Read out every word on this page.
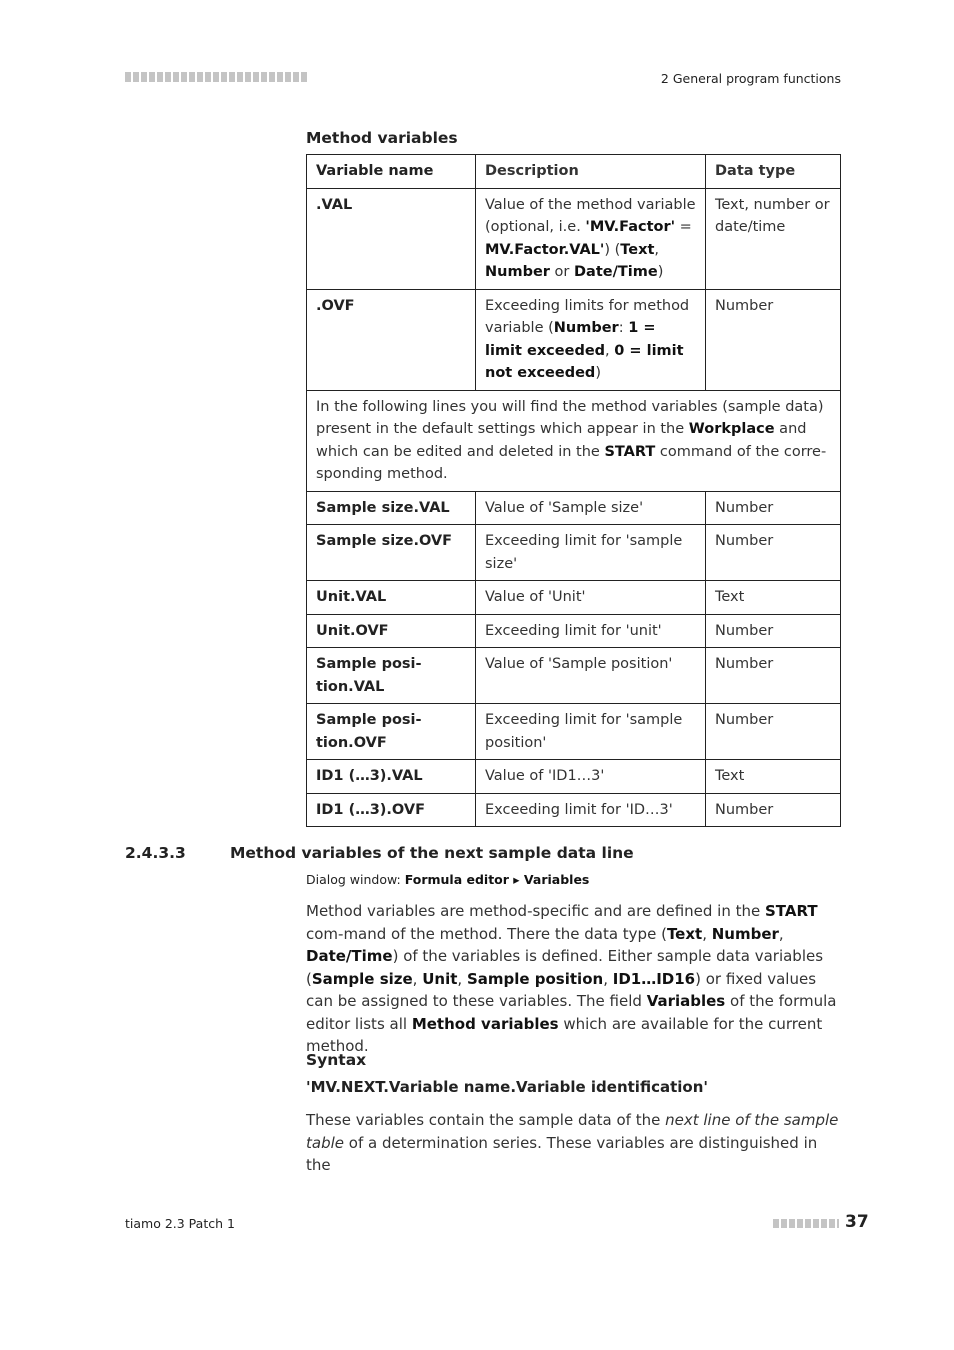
2 General program functions
Method variables
Variable name	Description	Data type
.VAL	Value of the method variable (optional, i.e. 'MV.Factor' = MV.Factor.VAL') (Text, Number or Date/Time)	Text, number or date/time
.OVF	Exceeding limits for method variable (Number: 1 = limit exceeded, 0 = limit not exceeded)	Number
In the following lines you will find the method variables (sample data) present in the default settings which appear in the Workplace and which can be edited and deleted in the START command of the corre-sponding method.		
Sample size.VAL	Value of 'Sample size'	Number
Sample size.OVF	Exceeding limit for 'sample size'	Number
Unit.VAL	Value of 'Unit'	Text
Unit.OVF	Exceeding limit for 'unit'	Number
Sample posi-tion.VAL	Value of 'Sample position'	Number
Sample posi-tion.OVF	Exceeding limit for 'sample position'	Number
ID1 (…3).VAL	Value of 'ID1…3'	Text
ID1 (…3).OVF	Exceeding limit for 'ID…3'	Number
2.4.3.3	Method variables of the next sample data line
Dialog window: Formula editor ▸ Variables
Method variables are method-specific and are defined in the START com-mand of the method. There the data type (Text, Number, Date/Time) of the variables is defined. Either sample data variables (Sample size, Unit, Sample position, ID1…ID16) or fixed values can be assigned to these variables. The field Variables of the formula editor lists all Method variables which are available for the current method.
Syntax
'MV.NEXT.Variable name.Variable identification'
These variables contain the sample data of the next line of the sample table of a determination series. These variables are distinguished in the
tiamo 2.3 Patch 1	37
